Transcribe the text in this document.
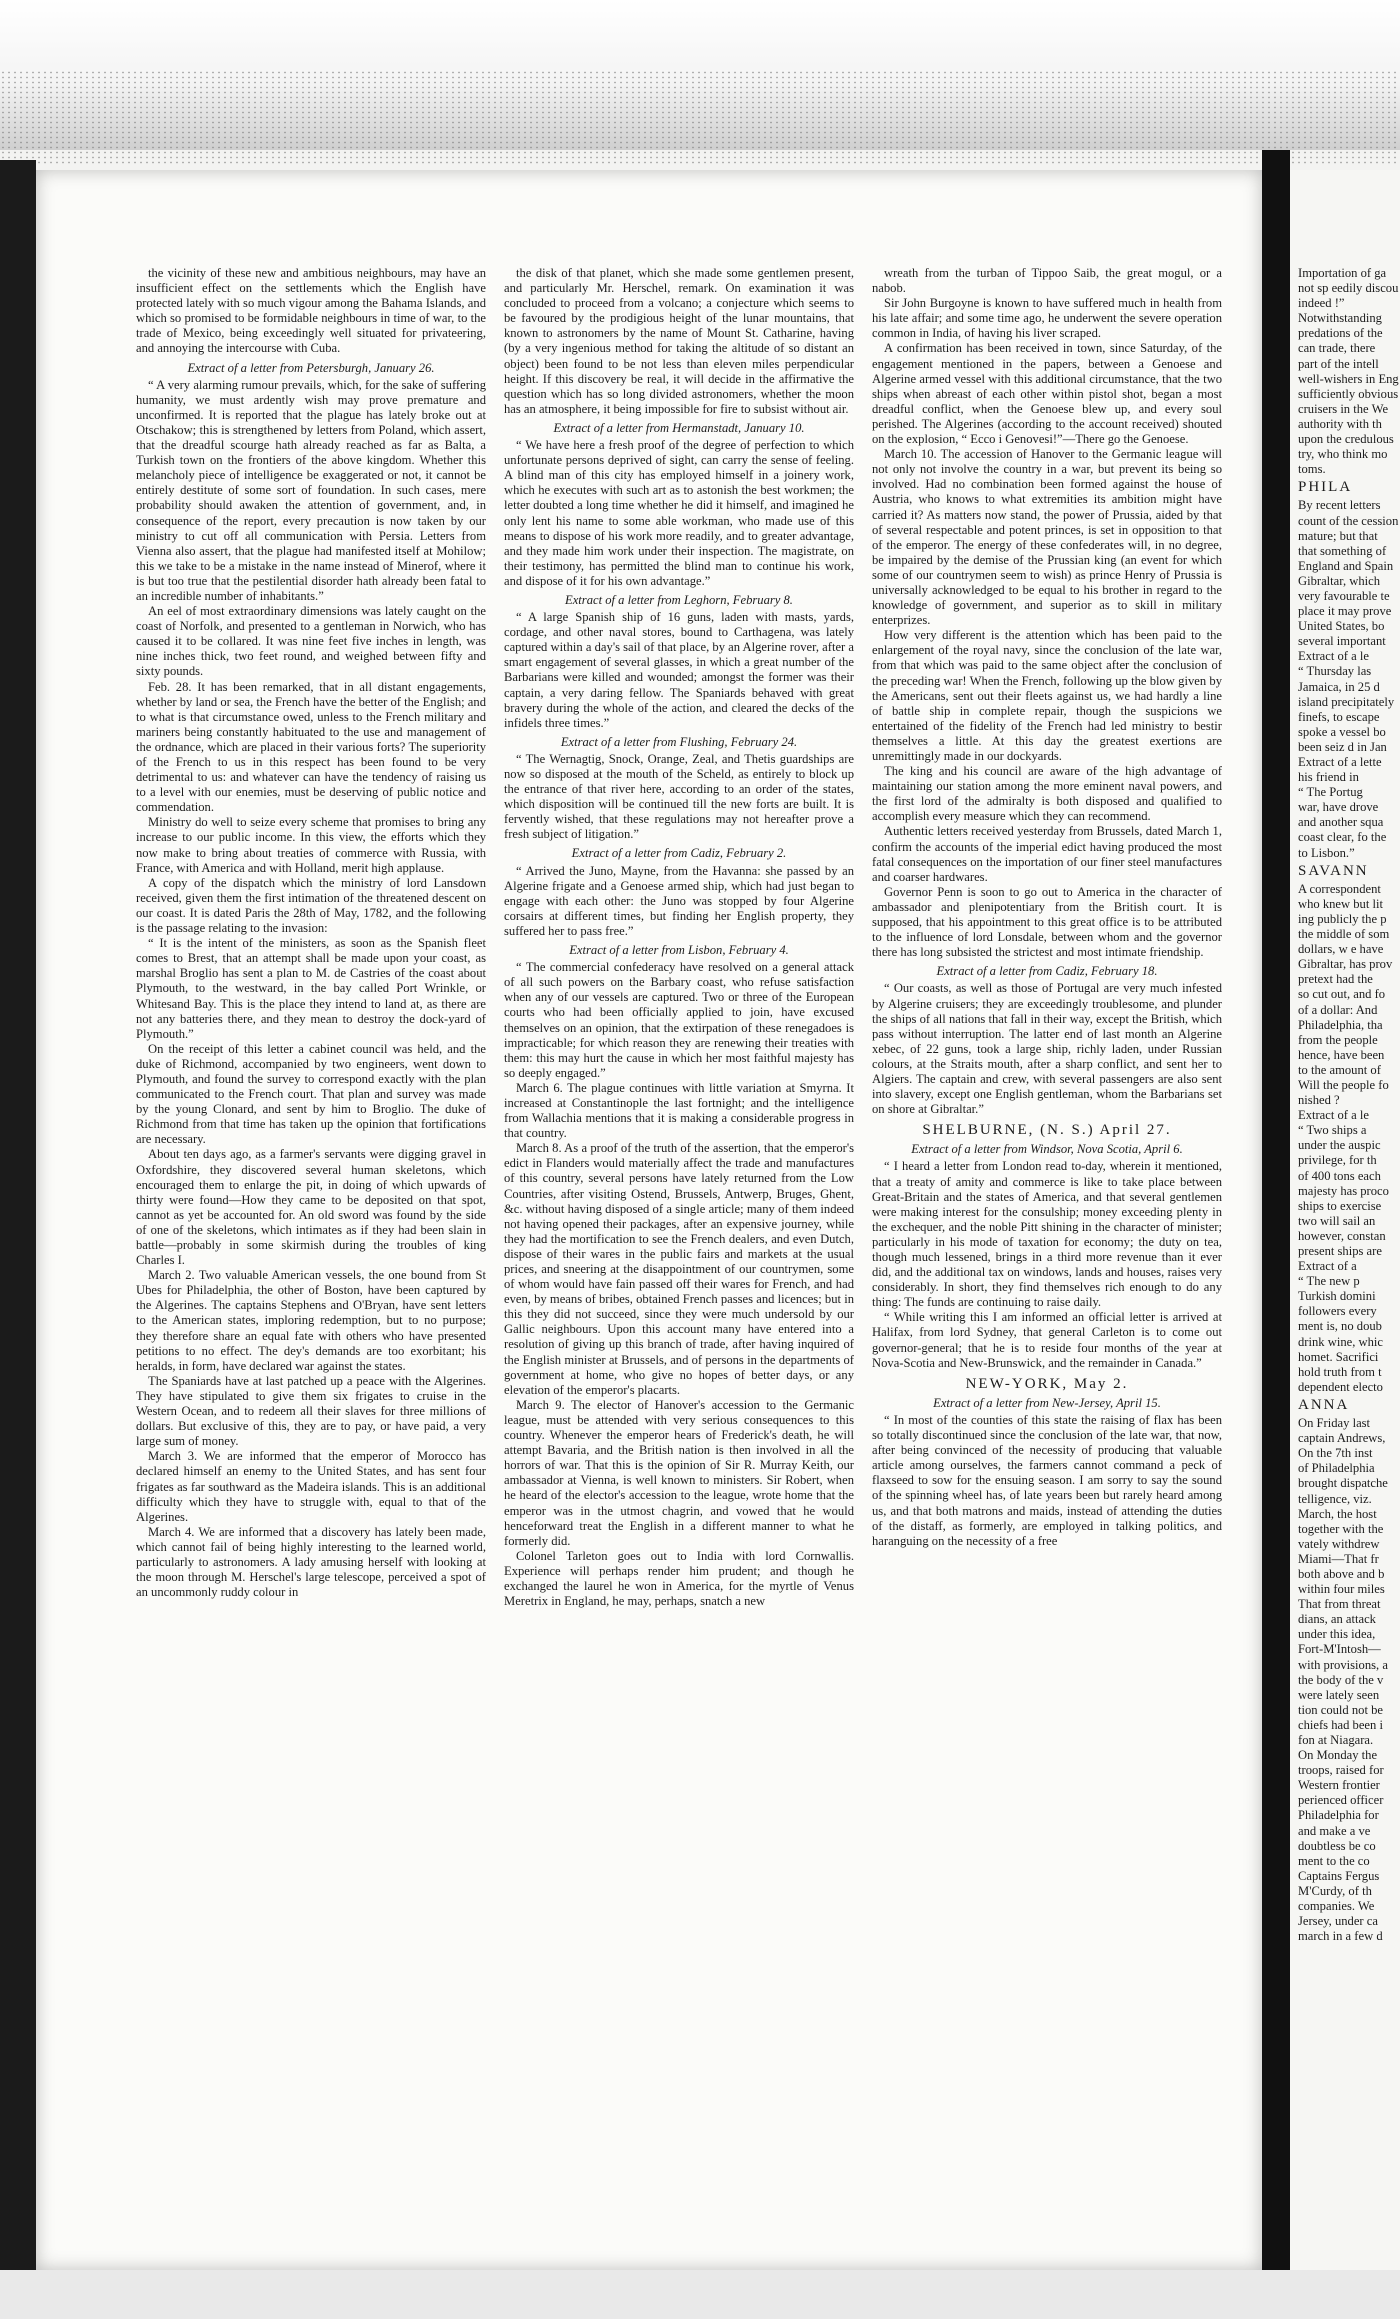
the vicinity of these new and ambitious neighbours, may have an insufficient effect on the settlements which the English have protected lately with so much vigour among the Bahama Islands, and which so promised to be formidable neighbours in time of war, to the trade of Mexico, being exceedingly well situated for privateering, and annoying the intercourse with Cuba.

Extract of a letter from Petersburgh, January 26.

“ A very alarming rumour prevails, which, for the sake of suffering humanity, we must ardently wish may prove premature and unconfirmed. It is reported that the plague has lately broke out at Otschakow; this is strengthened by letters from Poland, which assert, that the dreadful scourge hath already reached as far as Balta, a Turkish town on the frontiers of the above kingdom. Whether this melancholy piece of intelligence be exaggerated or not, it cannot be entirely destitute of some sort of foundation. In such cases, mere probability should awaken the attention of government, and, in consequence of the report, every precaution is now taken by our ministry to cut off all communication with Persia. Letters from Vienna also assert, that the plague had manifested itself at Mohilow; this we take to be a mistake in the name instead of Minerof, where it is but too true that the pestilential disorder hath already been fatal to an incredible number of inhabitants.”

An eel of most extraordinary dimensions was lately caught on the coast of Norfolk, and presented to a gentleman in Norwich, who has caused it to be collared. It was nine feet five inches in length, was nine inches thick, two feet round, and weighed between fifty and sixty pounds.

Feb. 28. It has been remarked, that in all distant engagements, whether by land or sea, the French have the better of the English; and to what is that circumstance owed, unless to the French military and mariners being constantly habituated to the use and management of the ordnance, which are placed in their various forts? The superiority of the French to us in this respect has been found to be very detrimental to us: and whatever can have the tendency of raising us to a level with our enemies, must be deserving of public notice and commendation.

Ministry do well to seize every scheme that promises to bring any increase to our public income. In this view, the efforts which they now make to bring about treaties of commerce with Russia, with France, with America and with Holland, merit high applause.

A copy of the dispatch which the ministry of lord Lansdown received, given them the first intimation of the threatened descent on our coast. It is dated Paris the 28th of May, 1782, and the following is the passage relating to the invasion:

“ It is the intent of the ministers, as soon as the Spanish fleet comes to Brest, that an attempt shall be made upon your coast, as marshal Broglio has sent a plan to M. de Castries of the coast about Plymouth, to the westward, in the bay called Port Wrinkle, or Whitesand Bay. This is the place they intend to land at, as there are not any batteries there, and they mean to destroy the dock-yard of Plymouth.”

On the receipt of this letter a cabinet council was held, and the duke of Richmond, accompanied by two engineers, went down to Plymouth, and found the survey to correspond exactly with the plan communicated to the French court. That plan and survey was made by the young Clonard, and sent by him to Broglio. The duke of Richmond from that time has taken up the opinion that fortifications are necessary.

About ten days ago, as a farmer's servants were digging gravel in Oxfordshire, they discovered several human skeletons, which encouraged them to enlarge the pit, in doing of which upwards of thirty were found—How they came to be deposited on that spot, cannot as yet be accounted for. An old sword was found by the side of one of the skeletons, which intimates as if they had been slain in battle—probably in some skirmish during the troubles of king Charles I.

March 2. Two valuable American vessels, the one bound from St Ubes for Philadelphia, the other of Boston, have been captured by the Algerines. The captains Stephens and O'Bryan, have sent letters to the American states, imploring redemption, but to no purpose; they therefore share an equal fate with others who have presented petitions to no effect. The dey's demands are too exorbitant; his heralds, in form, have declared war against the states.

The Spaniards have at last patched up a peace with the Algerines. They have stipulated to give them six frigates to cruise in the Western Ocean, and to redeem all their slaves for three millions of dollars. But exclusive of this, they are to pay, or have paid, a very large sum of money.

March 3. We are informed that the emperor of Morocco has declared himself an enemy to the United States, and has sent four frigates as far southward as the Madeira islands. This is an additional difficulty which they have to struggle with, equal to that of the Algerines.

March 4. We are informed that a discovery has lately been made, which cannot fail of being highly interesting to the learned world, particularly to astronomers. A lady amusing herself with looking at the moon through M. Herschel's large telescope, perceived a spot of an uncommonly ruddy colour in

the disk of that planet, which she made some gentlemen present, and particularly Mr. Herschel, remark. On examination it was concluded to proceed from a volcano; a conjecture which seems to be favoured by the prodigious height of the lunar mountains, that known to astronomers by the name of Mount St. Catharine, having (by a very ingenious method for taking the altitude of so distant an object) been found to be not less than eleven miles perpendicular height. If this discovery be real, it will decide in the affirmative the question which has so long divided astronomers, whether the moon has an atmosphere, it being impossible for fire to subsist without air.

Extract of a letter from Hermanstadt, January 10.

“ We have here a fresh proof of the degree of perfection to which unfortunate persons deprived of sight, can carry the sense of feeling. A blind man of this city has employed himself in a joinery work, which he executes with such art as to astonish the best workmen; the letter doubted a long time whether he did it himself, and imagined he only lent his name to some able workman, who made use of this means to dispose of his work more readily, and to greater advantage, and they made him work under their inspection. The magistrate, on their testimony, has permitted the blind man to continue his work, and dispose of it for his own advantage.”

Extract of a letter from Leghorn, February 8.

“ A large Spanish ship of 16 guns, laden with masts, yards, cordage, and other naval stores, bound to Carthagena, was lately captured within a day's sail of that place, by an Algerine rover, after a smart engagement of several glasses, in which a great number of the Barbarians were killed and wounded; amongst the former was their captain, a very daring fellow. The Spaniards behaved with great bravery during the whole of the action, and cleared the decks of the infidels three times.”

Extract of a letter from Flushing, February 24.

“ The Wernagtig, Snock, Orange, Zeal, and Thetis guardships are now so disposed at the mouth of the Scheld, as entirely to block up the entrance of that river here, according to an order of the states, which disposition will be continued till the new forts are built. It is fervently wished, that these regulations may not hereafter prove a fresh subject of litigation.”

Extract of a letter from Cadiz, February 2.

“ Arrived the Juno, Mayne, from the Havanna: she passed by an Algerine frigate and a Genoese armed ship, which had just began to engage with each other: the Juno was stopped by four Algerine corsairs at different times, but finding her English property, they suffered her to pass free.”

Extract of a letter from Lisbon, February 4.

“ The commercial confederacy have resolved on a general attack of all such powers on the Barbary coast, who refuse satisfaction when any of our vessels are captured. Two or three of the European courts who had been officially applied to join, have excused themselves on an opinion, that the extirpation of these renegadoes is impracticable; for which reason they are renewing their treaties with them: this may hurt the cause in which her most faithful majesty has so deeply engaged.”

March 6. The plague continues with little variation at Smyrna. It increased at Constantinople the last fortnight; and the intelligence from Wallachia mentions that it is making a considerable progress in that country.

March 8. As a proof of the truth of the assertion, that the emperor's edict in Flanders would materially affect the trade and manufactures of this country, several persons have lately returned from the Low Countries, after visiting Ostend, Brussels, Antwerp, Bruges, Ghent, &c. without having disposed of a single article; many of them indeed not having opened their packages, after an expensive journey, while they had the mortification to see the French dealers, and even Dutch, dispose of their wares in the public fairs and markets at the usual prices, and sneering at the disappointment of our countrymen, some of whom would have fain passed off their wares for French, and had even, by means of bribes, obtained French passes and licences; but in this they did not succeed, since they were much undersold by our Gallic neighbours. Upon this account many have entered into a resolution of giving up this branch of trade, after having inquired of the English minister at Brussels, and of persons in the departments of government at home, who give no hopes of better days, or any elevation of the emperor's placarts.

March 9. The elector of Hanover's accession to the Germanic league, must be attended with very serious consequences to this country. Whenever the emperor hears of Frederick's death, he will attempt Bavaria, and the British nation is then involved in all the horrors of war. That this is the opinion of Sir R. Murray Keith, our ambassador at Vienna, is well known to ministers. Sir Robert, when he heard of the elector's accession to the league, wrote home that the emperor was in the utmost chagrin, and vowed that he would henceforward treat the English in a different manner to what he formerly did.

Colonel Tarleton goes out to India with lord Cornwallis. Experience will perhaps render him prudent; and though he exchanged the laurel he won in America, for the myrtle of Venus Meretrix in England, he may, perhaps, snatch a new

wreath from the turban of Tippoo Saib, the great mogul, or a nabob.

Sir John Burgoyne is known to have suffered much in health from his late affair; and some time ago, he underwent the severe operation common in India, of having his liver scraped.

A confirmation has been received in town, since Saturday, of the engagement mentioned in the papers, between a Genoese and Algerine armed vessel with this additional circumstance, that the two ships when abreast of each other within pistol shot, began a most dreadful conflict, when the Genoese blew up, and every soul perished. The Algerines (according to the account received) shouted on the explosion, “ Ecco i Genovesi!”—There go the Genoese.

March 10. The accession of Hanover to the Germanic league will not only not involve the country in a war, but prevent its being so involved. Had no combination been formed against the house of Austria, who knows to what extremities its ambition might have carried it? As matters now stand, the power of Prussia, aided by that of several respectable and potent princes, is set in opposition to that of the emperor. The energy of these confederates will, in no degree, be impaired by the demise of the Prussian king (an event for which some of our countrymen seem to wish) as prince Henry of Prussia is universally acknowledged to be equal to his brother in regard to the knowledge of government, and superior as to skill in military enterprizes.

How very different is the attention which has been paid to the enlargement of the royal navy, since the conclusion of the late war, from that which was paid to the same object after the conclusion of the preceding war! When the French, following up the blow given by the Americans, sent out their fleets against us, we had hardly a line of battle ship in complete repair, though the suspicions we entertained of the fidelity of the French had led ministry to bestir themselves a little. At this day the greatest exertions are unremittingly made in our dockyards.

The king and his council are aware of the high advantage of maintaining our station among the more eminent naval powers, and the first lord of the admiralty is both disposed and qualified to accomplish every measure which they can recommend.

Authentic letters received yesterday from Brussels, dated March 1, confirm the accounts of the imperial edict having produced the most fatal consequences on the importation of our finer steel manufactures and coarser hardwares.

Governor Penn is soon to go out to America in the character of ambassador and plenipotentiary from the British court. It is supposed, that his appointment to this great office is to be attributed to the influence of lord Lonsdale, between whom and the governor there has long subsisted the strictest and most intimate friendship.

Extract of a letter from Cadiz, February 18.

“ Our coasts, as well as those of Portugal are very much infested by Algerine cruisers; they are exceedingly troublesome, and plunder the ships of all nations that fall in their way, except the British, which pass without interruption. The latter end of last month an Algerine xebec, of 22 guns, took a large ship, richly laden, under Russian colours, at the Straits mouth, after a sharp conflict, and sent her to Algiers. The captain and crew, with several passengers are also sent into slavery, except one English gentleman, whom the Barbarians set on shore at Gibraltar.”

SHELBURNE, (N. S.) April 27.
Extract of a letter from Windsor, Nova Scotia, April 6.

“ I heard a letter from London read to-day, wherein it mentioned, that a treaty of amity and commerce is like to take place between Great-Britain and the states of America, and that several gentlemen were making interest for the consulship; money exceeding plenty in the exchequer, and the noble Pitt shining in the character of minister; particularly in his mode of taxation for economy; the duty on tea, though much lessened, brings in a third more revenue than it ever did, and the additional tax on windows, lands and houses, raises very considerably. In short, they find themselves rich enough to do any thing: The funds are continuing to raise daily.

“ While writing this I am informed an official letter is arrived at Halifax, from lord Sydney, that general Carleton is to come out governor-general; that he is to reside four months of the year at Nova-Scotia and New-Brunswick, and the remainder in Canada.”

NEW-YORK, May 2.
Extract of a letter from New-Jersey, April 15.

“ In most of the counties of this state the raising of flax has been so totally discontinued since the conclusion of the late war, that now, after being convinced of the necessity of producing that valuable article among ourselves, the farmers cannot command a peck of flaxseed to sow for the ensuing season. I am sorry to say the sound of the spinning wheel has, of late years been but rarely heard among us, and that both matrons and maids, instead of attending the duties of the distaff, as formerly, are employed in talking politics, and haranguing on the necessity of a free

Importation of ga
not sp eedily discou
indeed !”
Notwithstanding
predations of the
can trade, there
part of the intell
well-wishers in Eng
sufficiently obvious
cruisers in the We
authority with th
upon the credulous
try, who think mo
toms.
PHILA
By recent letters
count of the cession
mature; but that
that something of
England and Spain
Gibraltar, which
very favourable te
place it may prove
United States, bo
several important
Extract of a le
“ Thursday las
Jamaica, in 25 d
island precipitately
finefs, to escape
spoke a vessel bo
been seiz d in Jan
Extract of a lette
his friend in
“ The Portug
war, have drove
and another squa
coast clear, fo the
to Lisbon.”
SAVANN
A correspondent
who knew but lit
ing publicly the p
the middle of som
dollars, w e have
Gibraltar, has prov
pretext had the
so cut out, and fo
of a dollar: And
Philadelphia, tha
from the people
hence, have been
to the amount of
Will the people fo
nished ?
Extract of a le
“ Two ships a
under the auspic
privilege, for th
of 400 tons each
majesty has proco
ships to exercise
two will sail an
however, constan
present ships are
Extract of a
“ The new p
Turkish domini
followers every
ment is, no doub
drink wine, whic
homet. Sacrifici
hold truth from t
dependent electo
ANNA
On Friday last
captain Andrews,
On the 7th inst
of Philadelphia
brought dispatche
telligence, viz.
March, the host
together with the
vately withdrew
Miami—That fr
both above and b
within four miles
That from threat
dians, an attack
under this idea,
Fort-M'Intosh—
with provisions, a
the body of the v
were lately seen
tion could not be
chiefs had been i
fon at Niagara.
On Monday the
troops, raised for
Western frontier
perienced officer
Philadelphia for
and make a ve
doubtless be co
ment to the co
Captains Fergus
M'Curdy, of th
companies. We
Jersey, under ca
march in a few d
